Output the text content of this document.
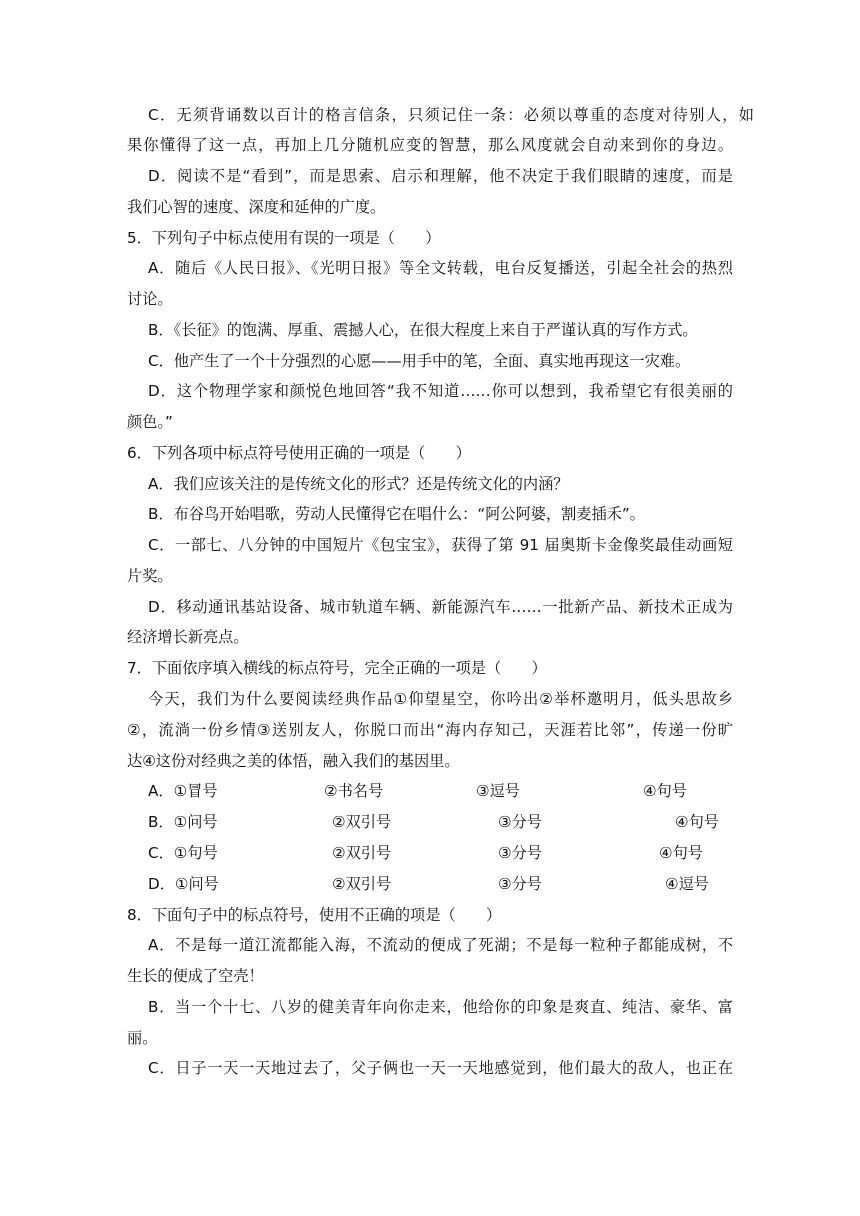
C．无须背诵数以百计的格言信条，只须记住一条：必须以尊重的态度对待别人，如
果你懂得了这一点，再加上几分随机应变的智慧，那么风度就会自动来到你的身边。
D．阅读不是“看到”，而是思索、启示和理解，他不决定于我们眼睛的速度，而是
我们心智的速度、深度和延伸的广度。
5．下列句子中标点使用有误的一项是（　　）
A．随后《人民日报》、《光明日报》等全文转载，电台反复播送，引起全社会的热烈
讨论。
B．《长征》的饱满、厚重、震撼人心，在很大程度上来自于严谨认真的写作方式。
C．他产生了一个十分强烈的心愿——用手中的笔，全面、真实地再现这一灾难。
D．这个物理学家和颜悦色地回答“我不知道……你可以想到，我希望它有很美丽的
颜色。”
6．下列各项中标点符号使用正确的一项是（　　）
A．我们应该关注的是传统文化的形式？还是传统文化的内涵？
B．布谷鸟开始唱歌，劳动人民懂得它在唱什么：“阿公阿婆，割麦插禾”。
C．一部七、八分钟的中国短片《包宝宝》，获得了第 91 届奥斯卡金像奖最佳动画短
片奖。
D．移动通讯基站设备、城市轨道车辆、新能源汽车……一批新产品、新技术正成为
经济增长新亮点。
7．下面依序填入横线的标点符号，完全正确的一项是（　　）
今天，我们为什么要阅读经典作品①仰望星空，你吟出②举杯邀明月，低头思故乡
②，流淌一份乡情③送别友人，你脱口而出“海内存知己，天涯若比邻”，传递一份旷
达④这份对经典之美的体悟，融入我们的基因里。
A．①冒号	②书名号	③逗号	④句号
B．①问号	②双引号	③分号	④句号
C．①句号	②双引号	③分号	④句号
D．①问号	②双引号	③分号	④逗号
8．下面句子中的标点符号，使用不正确的项是（　　）
A．不是每一道江流都能入海，不流动的便成了死湖；不是每一粒种子都能成树，不
生长的便成了空壳！
B．当一个十七、八岁的健美青年向你走来，他给你的印象是爽直、纯洁、豪华、富
丽。
C．日子一天一天地过去了，父子俩也一天一天地感觉到，他们最大的敌人，也正在
